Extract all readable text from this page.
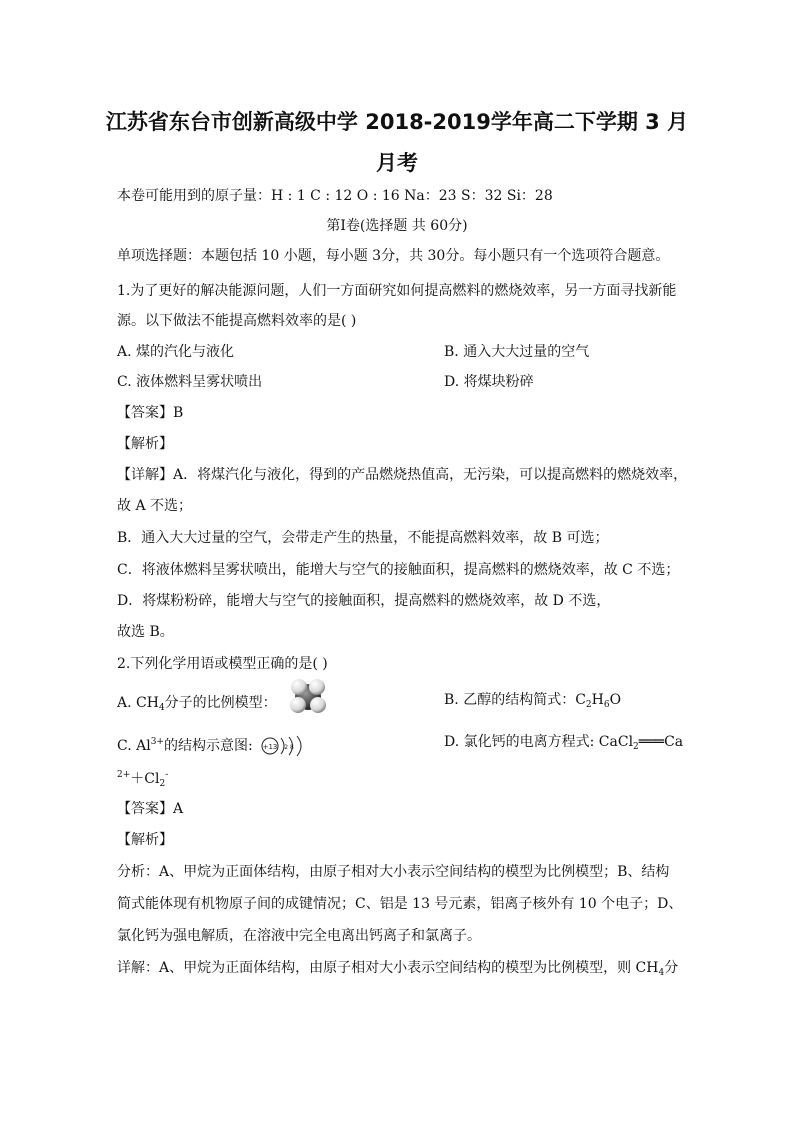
江苏省东台市创新高级中学 2018-2019学年高二下学期 3 月
月考
本卷可能用到的原子量：H : 1 C : 12 O : 16 Na：23 S：32 Si：28
第Ⅰ卷(选择题 共 60分)
单项选择题：本题包括 10 小题，每小题 3分，共 30分。每小题只有一个选项符合题意。
1.为了更好的解决能源问题，人们一方面研究如何提高燃料的燃烧效率，另一方面寻找新能
源。以下做法不能提高燃料效率的是( )
A. 煤的汽化与液化	B. 通入大大过量的空气
C. 液体燃料呈雾状喷出	D. 将煤块粉碎
【答案】B
【解析】
【详解】A．将煤汽化与液化，得到的产品燃烧热值高，无污染，可以提高燃料的燃烧效率，
故 A 不选；
B．通入大大过量的空气，会带走产生的热量，不能提高燃料效率，故 B 可选；
C．将液体燃料呈雾状喷出，能增大与空气的接触面积，提高燃料的燃烧效率，故 C 不选；
D．将煤粉粉碎，能增大与空气的接触面积，提高燃料的燃烧效率，故 D 不选，
故选 B。
2.下列化学用语或模型正确的是( )
A. $CH_4$分子的比例模型：	B. 乙醇的结构简式：$C_2H_6O$
C. $Al^{3+}$的结构示意图: +13 2 8	D. 氯化钙的电离方程式: CaCl$_2$═══Ca
$^{2+}+Cl_2^-$
【答案】A
【解析】
分析：A、甲烷为正面体结构，由原子相对大小表示空间结构的模型为比例模型；B、结构
简式能体现有机物原子间的成键情况；C、铝是 13 号元素，铝离子核外有 10 个电子；D、
氯化钙为强电解质，在溶液中完全电离出钙离子和氯离子。
详解：A、甲烷为正面体结构，由原子相对大小表示空间结构的模型为比例模型，则 $CH_4$分
